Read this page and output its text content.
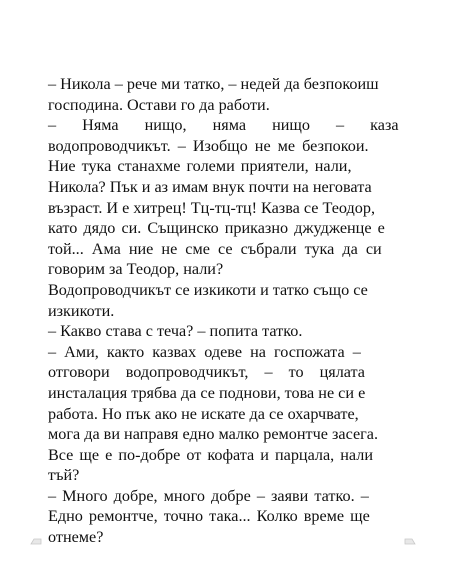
– Никола – рече ми татко, – недей да безпокоиш
господина. Остави го да работи.
– Няма нищо, няма нищо – каза
водопроводчикът. – Изобщо не ме безпокои.
Ние тука станахме големи приятели, нали,
Никола? Пък и аз имам внук почти на неговата
възраст. И е хитрец! Тц-тц-тц! Казва се Теодор,
като дядо си. Същинско приказно джудженце е
той... Ама ние не сме се събрали тука да си
говорим за Теодор, нали?
Водопроводчикът се изкикоти и татко също се
изкикоти.
– Какво става с теча? – попита татко.
– Ами, както казвах одеве на госпожата –
отговори водопроводчикът, – то цялата
инсталация трябва да се поднови, това не си е
работа. Но пък ако не искате да се охарчвате,
мога да ви направя едно малко ремонтче засега.
Все ще е по-добре от кофата и парцала, нали
тъй?
– Много добре, много добре – заяви татко. –
Едно ремонтче, точно така... Колко време ще
отнеме?
